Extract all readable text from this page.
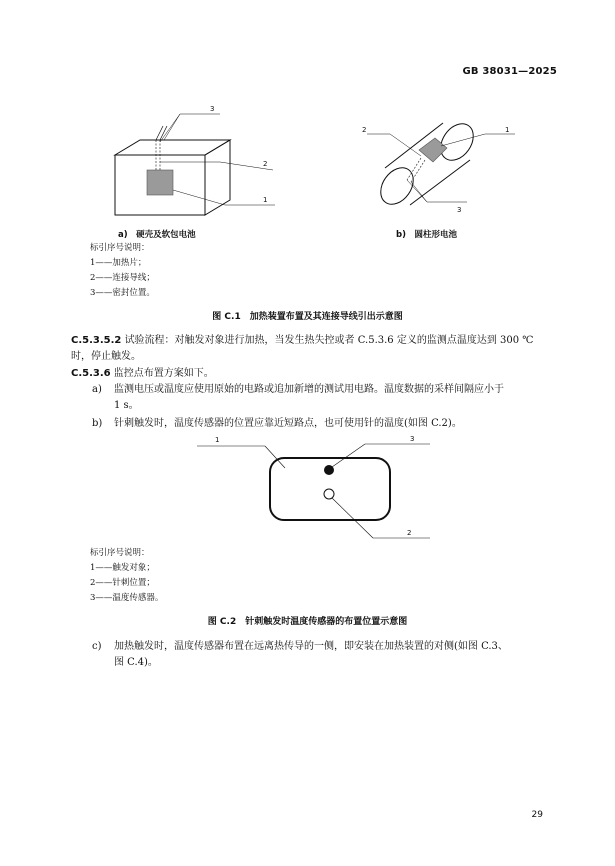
GB 38031—2025
3
2
1
2	1
3
a)　硬壳及软包电池	b)　圆柱形电池
标引序号说明：
1——加热片；
2——连接导线；
3——密封位置。
图 C.1　加热装置布置及其连接导线引出示意图
C.5.3.5.2 试验流程：对触发对象进行加热，当发生热失控或者 C.5.3.6 定义的监测点温度达到 300 ℃
时，停止触发。
C.5.3.6 监控点布置方案如下。
a) 监测电压或温度应使用原始的电路或追加新增的测试用电路。温度数据的采样间隔应小于

1 s。
b) 针刺触发时，温度传感器的位置应靠近短路点，也可使用针的温度(如图 C.2)。
1	3
2
标引序号说明：
1——触发对象；
2——针刺位置；
3——温度传感器。
图 C.2　针刺触发时温度传感器的布置位置示意图
c) 加热触发时，温度传感器布置在远离热传导的一侧，即安装在加热装置的对侧(如图 C.3、

图 C.4)。
29
